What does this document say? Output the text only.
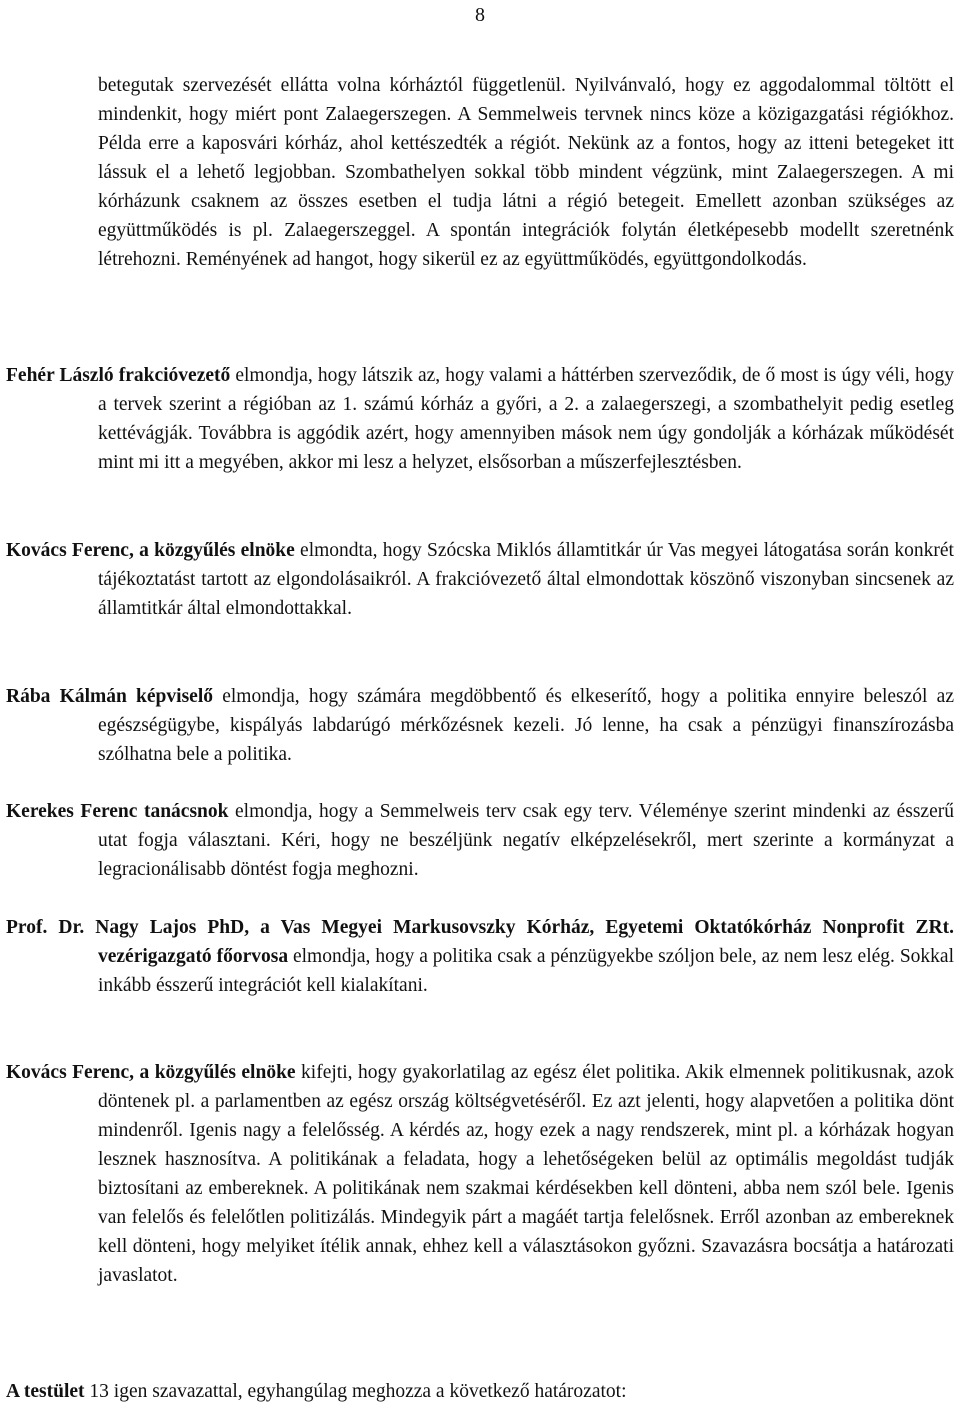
8

betegutak szervezését ellátta volna kórháztól függetlenül. Nyilvánvaló, hogy ez aggodalommal töltött el mindenkit, hogy miért pont Zalaegerszegen. A Semmelweis tervnek nincs köze a közigazgatási régiókhoz. Példa erre a kaposvári kórház, ahol kettészedték a régiót. Nekünk az a fontos, hogy az itteni betegeket itt lássuk el a lehető legjobban. Szombathelyen sokkal több mindent végzünk, mint Zalaegerszegen. A mi kórházunk csaknem az összes esetben el tudja látni a régió betegeit. Emellett azonban szükséges az együttműködés is pl. Zalaegerszeggel. A spontán integrációk folytán életképesebb modellt szeretnénk létrehozni. Reményének ad hangot, hogy sikerül ez az együttműködés, együttgondolkodás.

Fehér László frakcióvezető elmondja, hogy látszik az, hogy valami a háttérben szerveződik, de ő most is úgy véli, hogy a tervek szerint a régióban az 1. számú kórház a győri, a 2. a zalaegerszegi, a szombathelyit pedig esetleg kettévágják. Továbbra is aggódik azért, hogy amennyiben mások nem úgy gondolják a kórházak működését mint mi itt a megyében, akkor mi lesz a helyzet, elsősorban a műszerfejlesztésben.

Kovács Ferenc, a közgyűlés elnöke elmondta, hogy Szócska Miklós államtitkár úr Vas megyei látogatása során konkrét tájékoztatást tartott az elgondolásaikról. A frakcióvezető által elmondottak köszönő viszonyban sincsenek az államtitkár által elmondottakkal.

Rába Kálmán képviselő elmondja, hogy számára megdöbbentő és elkeserítő, hogy a politika ennyire beleszól az egészségügybe, kispályás labdarúgó mérkőzésnek kezeli. Jó lenne, ha csak a pénzügyi finanszírozásba szólhatna bele a politika.

Kerekes Ferenc tanácsnok elmondja, hogy a Semmelweis terv csak egy terv. Véleménye szerint mindenki az ésszerű utat fogja választani. Kéri, hogy ne beszéljünk negatív elképzelésekről, mert szerinte a kormányzat a legracionálisabb döntést fogja meghozni.

Prof. Dr. Nagy Lajos PhD, a Vas Megyei Markusovszky Kórház, Egyetemi Oktatókórház Nonprofit ZRt. vezérigazgató főorvosa elmondja, hogy a politika csak a pénzügyekbe szóljon bele, az nem lesz elég. Sokkal inkább ésszerű integrációt kell kialakítani.

Kovács Ferenc, a közgyűlés elnöke kifejti, hogy gyakorlatilag az egész élet politika. Akik elmennek politikusnak, azok döntenek pl. a parlamentben az egész ország költségvetéséről. Ez azt jelenti, hogy alapvetően a politika dönt mindenről. Igenis nagy a felelősség. A kérdés az, hogy ezek a nagy rendszerek, mint pl. a kórházak hogyan lesznek hasznosítva. A politikának a feladata, hogy a lehetőségeken belül az optimális megoldást tudják biztosítani az embereknek. A politikának nem szakmai kérdésekben kell dönteni, abba nem szól bele. Igenis van felelős és felelőtlen politizálás. Mindegyik párt a magáét tartja felelősnek. Erről azonban az embereknek kell dönteni, hogy melyiket ítélik annak, ehhez kell a választásokon győzni. Szavazásra bocsátja a határozati javaslatot.

A testület 13 igen szavazattal, egyhangúlag meghozza a következő határozatot:
